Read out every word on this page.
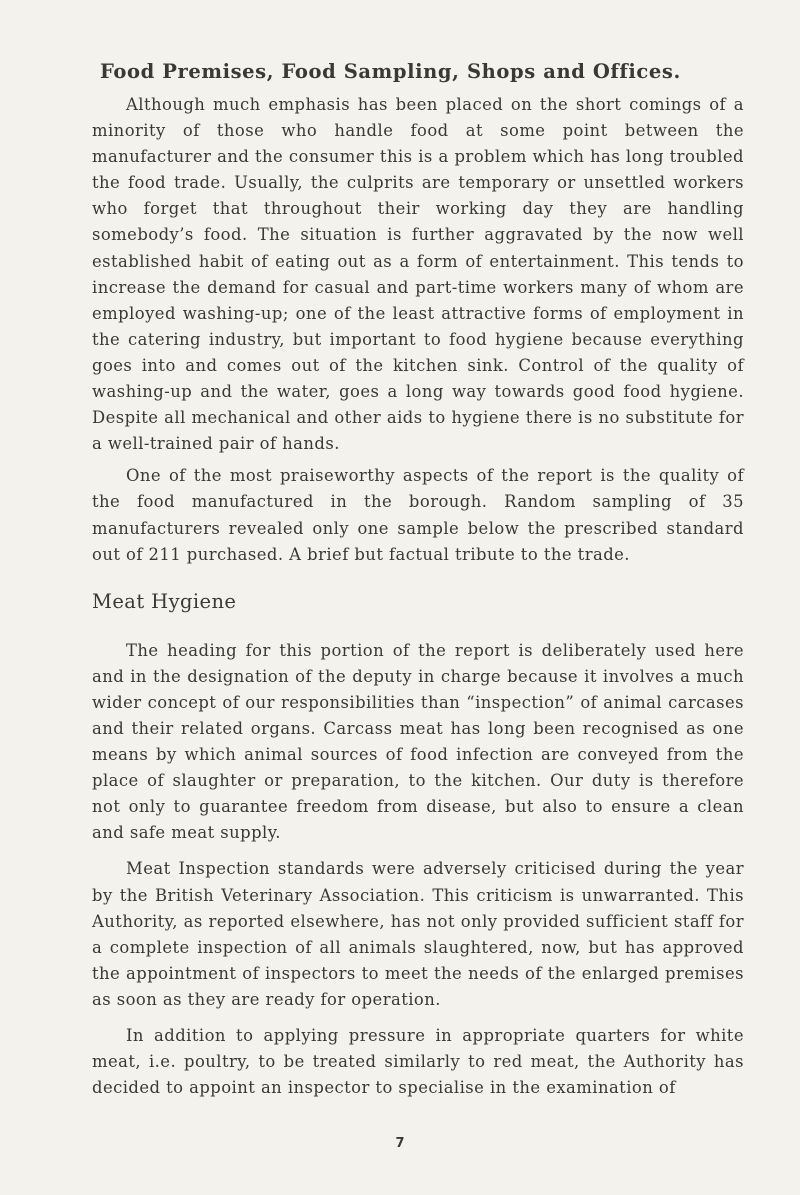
Food Premises, Food Sampling, Shops and Offices.

Although much emphasis has been placed on the short comings of a minority of those who handle food at some point between the manufacturer and the consumer this is a problem which has long troubled the food trade. Usually, the culprits are temporary or unsettled workers who forget that throughout their working day they are handling somebody’s food. The situation is further aggravated by the now well established habit of eating out as a form of entertainment. This tends to increase the demand for casual and part-time workers many of whom are employed washing-up; one of the least attractive forms of employment in the catering industry, but important to food hygiene because everything goes into and comes out of the kitchen sink. Control of the quality of washing-up and the water, goes a long way towards good food hygiene. Despite all mechanical and other aids to hygiene there is no substitute for a well-trained pair of hands.

One of the most praiseworthy aspects of the report is the quality of the food manufactured in the borough. Random sampling of 35 manufacturers revealed only one sample below the prescribed standard out of 211 purchased. A brief but factual tribute to the trade.

Meat Hygiene

The heading for this portion of the report is deliberately used here and in the designation of the deputy in charge because it involves a much wider concept of our responsibilities than “inspection” of animal carcases and their related organs. Carcass meat has long been recognised as one means by which animal sources of food infection are conveyed from the place of slaughter or preparation, to the kitchen. Our duty is therefore not only to guarantee freedom from disease, but also to ensure a clean and safe meat supply.

Meat Inspection standards were adversely criticised during the year by the British Veterinary Association. This criticism is unwarranted. This Authority, as reported elsewhere, has not only provided sufficient staff for a complete inspection of all animals slaughtered, now, but has approved the appointment of inspectors to meet the needs of the enlarged premises as soon as they are ready for operation.

In addition to applying pressure in appropriate quarters for white meat, i.e. poultry, to be treated similarly to red meat, the Authority has decided to appoint an inspector to specialise in the examination of

7
